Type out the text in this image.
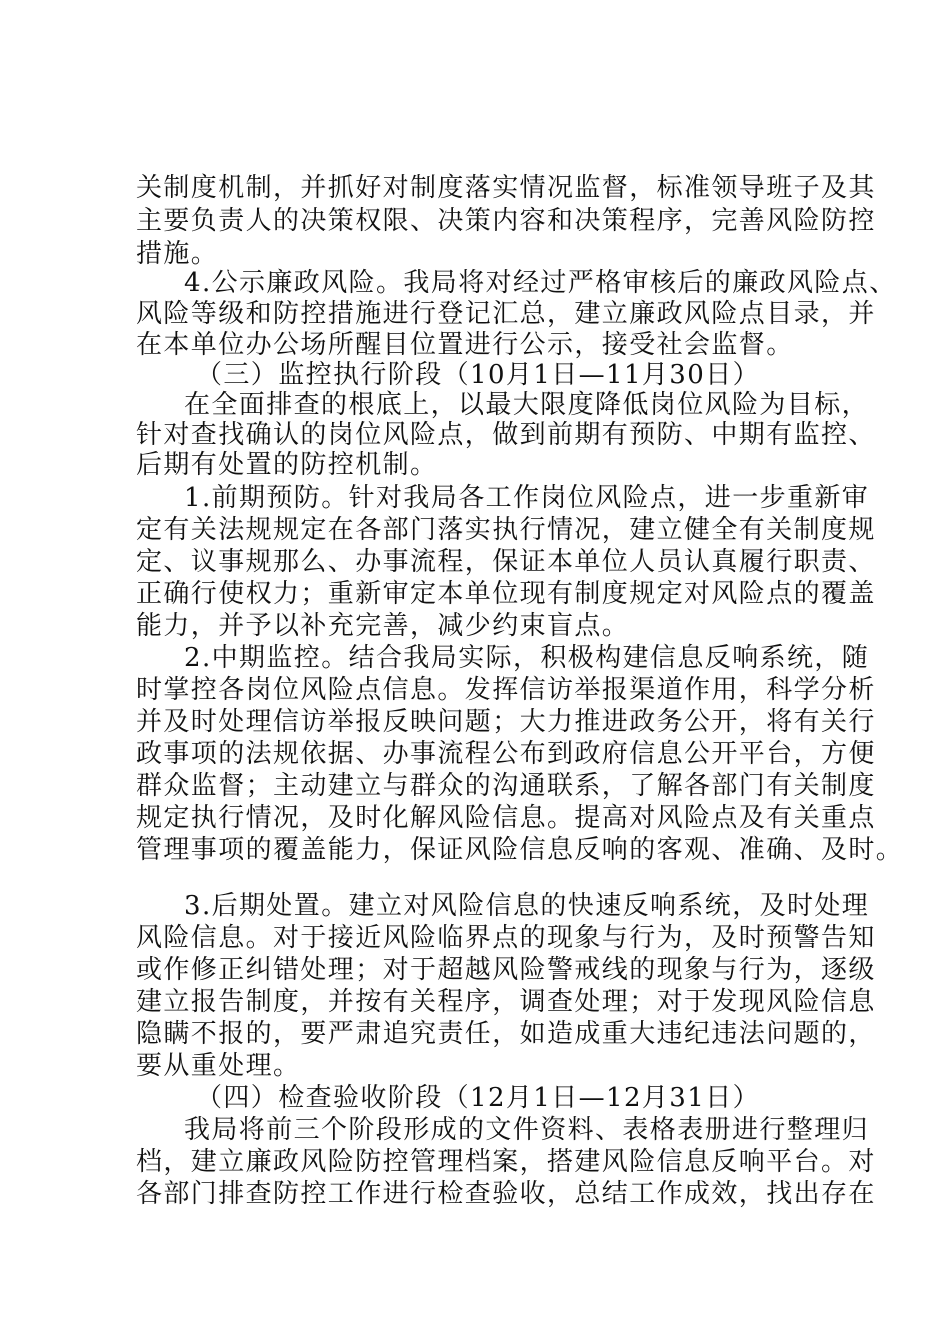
关制度机制，并抓好对制度落实情况监督，标准领导班子及其
主要负责人的决策权限、决策内容和决策程序，完善风险防控
措施。
4.公示廉政风险。我局将对经过严格审核后的廉政风险点、
风险等级和防控措施进行登记汇总，建立廉政风险点目录，并
在本单位办公场所醒目位置进行公示，接受社会监督。
（三）监控执行阶段（10月1日—11月30日）
在全面排查的根底上，以最大限度降低岗位风险为目标，
针对查找确认的岗位风险点，做到前期有预防、中期有监控、
后期有处置的防控机制。
1.前期预防。针对我局各工作岗位风险点，进一步重新审
定有关法规规定在各部门落实执行情况，建立健全有关制度规
定、议事规那么、办事流程，保证本单位人员认真履行职责、
正确行使权力；重新审定本单位现有制度规定对风险点的覆盖
能力，并予以补充完善，减少约束盲点。
2.中期监控。结合我局实际，积极构建信息反响系统，随
时掌控各岗位风险点信息。发挥信访举报渠道作用，科学分析
并及时处理信访举报反映问题；大力推进政务公开，将有关行
政事项的法规依据、办事流程公布到政府信息公开平台，方便
群众监督；主动建立与群众的沟通联系，了解各部门有关制度
规定执行情况，及时化解风险信息。提高对风险点及有关重点
管理事项的覆盖能力，保证风险信息反响的客观、准确、及时。
3.后期处置。建立对风险信息的快速反响系统，及时处理
风险信息。对于接近风险临界点的现象与行为，及时预警告知
或作修正纠错处理；对于超越风险警戒线的现象与行为，逐级
建立报告制度，并按有关程序，调查处理；对于发现风险信息
隐瞒不报的，要严肃追究责任，如造成重大违纪违法问题的，
要从重处理。
（四）检查验收阶段（12月1日—12月31日）
我局将前三个阶段形成的文件资料、表格表册进行整理归
档，建立廉政风险防控管理档案，搭建风险信息反响平台。对
各部门排查防控工作进行检查验收，总结工作成效，找出存在
